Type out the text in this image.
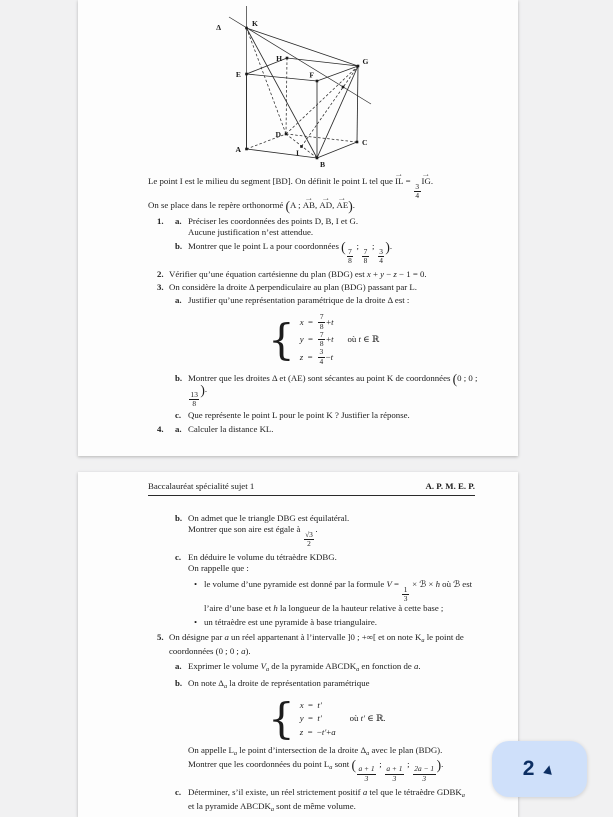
K
H	G
E	F
D
C
A
B
I
Δ
Le point I est le milieu du segment [BD]. On définit le point L tel que
→
IL =
$\frac{3}{4}$
→
IG.
On se place dans le repère orthonormé (A ;
→
AB,
→
AD,
→
AE).
1. a. Préciser les coordonnées des points D, B, I et G.
Aucune justification n’est attendue.
b. Montrer que le point L a pour coordonnées (
$\frac{7}{8}$
;
$\frac{7}{8}$
;
$\frac{3}{4}$
).
2. Vérifier qu’une équation cartésienne du plan (BDG) est x + y − z − 1 = 0.
3. On considère la droite Δ perpendiculaire au plan (BDG) passant par L.
a. Justifier qu’une représentation paramétrique de la droite Δ est :
{ $x = \frac{7}{8} + t$
$y = \frac{7}{8} + t$
$z = \frac{3}{4} - t$
où t ∈ ℝ
b. Montrer que les droites Δ et (AE) sont sécantes au point K de coordonnées (0 ; 0 ;
$\frac{13}{8}$
).
c. Que représente le point L pour le point K ? Justifier la réponse.
4. a. Calculer la distance KL.
Baccalauréat spécialité sujet 1	A. P. M. E. P.
b. On admet que le triangle DBG est équilatéral.
Montrer que son aire est égale à
$\frac{√3}{2}$
.
c. En déduire le volume du tétraèdre KDBG.
On rappelle que :
• le volume d’une pyramide est donné par la formule V =
$\frac{1}{3}$
× ℬ × h où ℬ est
l’aire d’une base et h la longueur de la hauteur relative à cette base ;
• un tétraèdre est une pyramide à base triangulaire.
5. On désigne par a un réel appartenant à l’intervalle ]0 ; +∞[ et on note $K_a$ le point de
coordonnées (0 ; 0 ; a).
a. Exprimer le volume $V_a$ de la pyramide $ABCDK_a$ en fonction de a.
b. On note $\Delta_a$ la droite de représentation paramétrique
{ x = t′
y = t′
z =  − t′ + a
où t′ ∈ ℝ.
On appelle $L_a$ le point d’intersection de la droite $\Delta_a$ avec le plan (BDG).
Montrer que les coordonnées du point $L_a$ sont (
$\frac{a + 1}{3}$
;
$\frac{a + 1}{3}$
;
$\frac{2a - 1}{3}$
).
c. Déterminer, s’il existe, un réel strictement positif a tel que le tétraèdre $GDBK_a$
et la pyramide $ABCDK_a$ sont de même volume.
2 ▲
